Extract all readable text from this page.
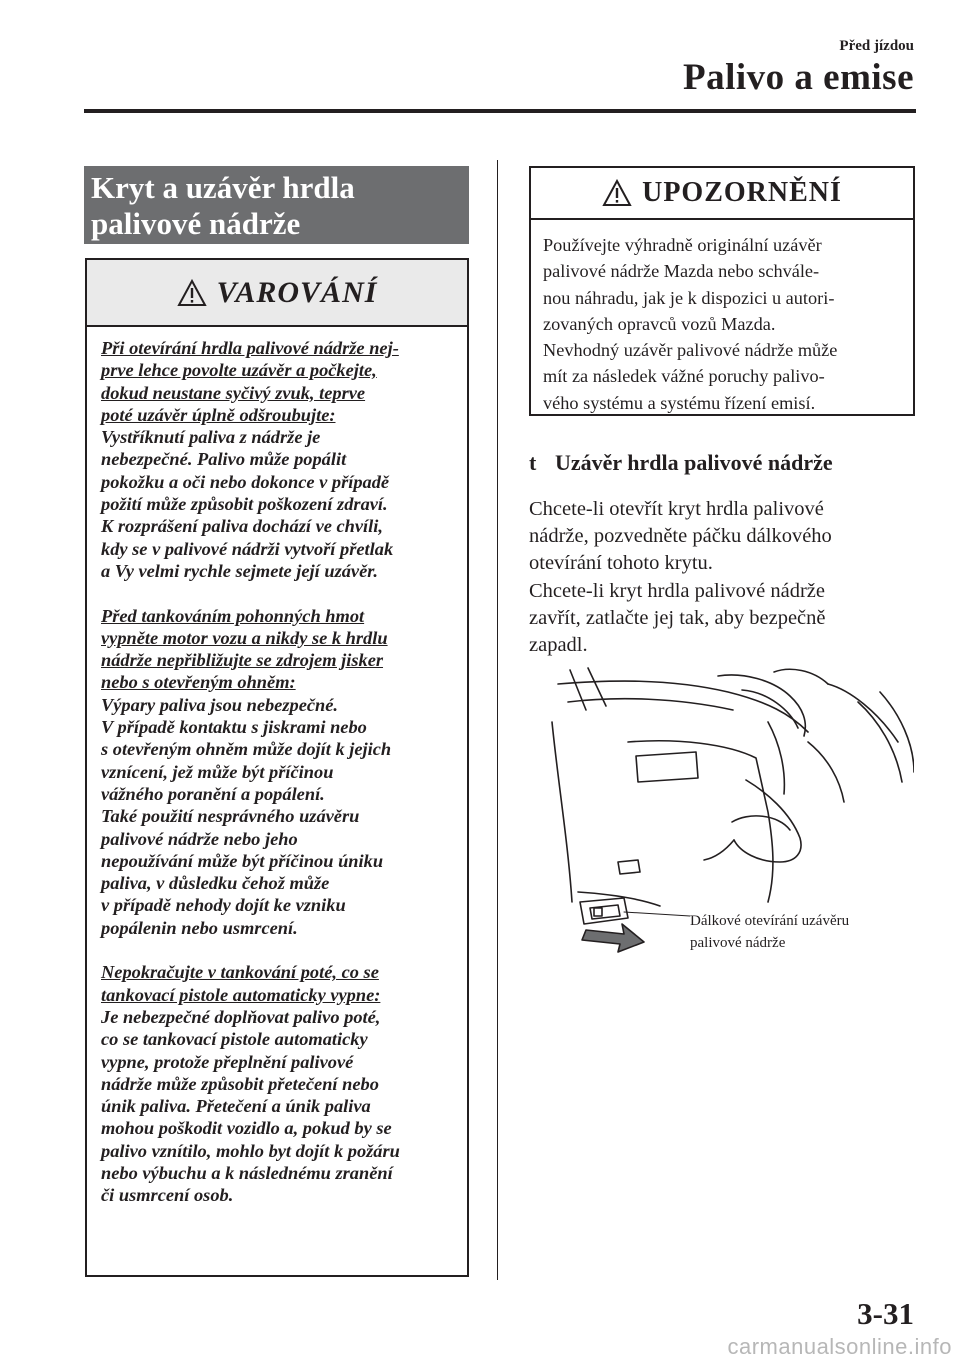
Před jízdou
Palivo a emise
Kryt a uzávěr hrdla
palivové nádrže
VAROVÁNÍ

Při otevírání hrdla palivové nádrže nej-
prve lehce povolte uzávěr a počkejte,
dokud neustane syčivý zvuk, teprve
poté uzávěr úplně odšroubujte:
Vystříknutí paliva z nádrže je
nebezpečné. Palivo může popálit
pokožku a oči nebo dokonce v případě
požití může způsobit poškození zdraví.
K rozprášení paliva dochází ve chvíli,
kdy se v palivové nádrži vytvoří přetlak
a Vy velmi rychle sejmete její uzávěr.

Před tankováním pohonných hmot
vypněte motor vozu a nikdy se k hrdlu
nádrže nepřibližujte se zdrojem jisker
nebo s otevřeným ohněm:
Výpary paliva jsou nebezpečné.
V případě kontaktu s jiskrami nebo
s otevřeným ohněm může dojít k jejich
vznícení, jež může být příčinou
vážného poranění a popálení.
Také použití nesprávného uzávěru
palivové nádrže nebo jeho
nepoužívání může být příčinou úniku
paliva, v důsledku čehož může
v případě nehody dojít ke vzniku
popálenin nebo usmrcení.

Nepokračujte v tankování poté, co se
tankovací pistole automaticky vypne:
Je nebezpečné doplňovat palivo poté,
co se tankovací pistole automaticky
vypne, protože přeplnění palivové
nádrže může způsobit přetečení nebo
únik paliva. Přetečení a únik paliva
mohou poškodit vozidlo a, pokud by se
palivo vznítilo, mohlo byt dojít k požáru
nebo výbuchu a k následnému zranění
či usmrcení osob.

UPOZORNĚNÍ
Používejte výhradně originální uzávěr
palivové nádrže Mazda nebo schvále-
nou náhradu, jak je k dispozici u autori-
zovaných opravců vozů Mazda.
Nevhodný uzávěr palivové nádrže může
mít za následek vážné poruchy palivo-
vého systému a systému řízení emisí.
t Uzávěr hrdla palivové nádrže

Chcete-li otevřít kryt hrdla palivové
nádrže, pozvedněte páčku dálkového
otevírání tohoto krytu.

Chcete-li kryt hrdla palivové nádrže
zavřít, zatlačte jej tak, aby bezpečně
zapadl.

Dálkové otevírání uzávěru
palivové nádrže
3-31
carmanualsonline.info
